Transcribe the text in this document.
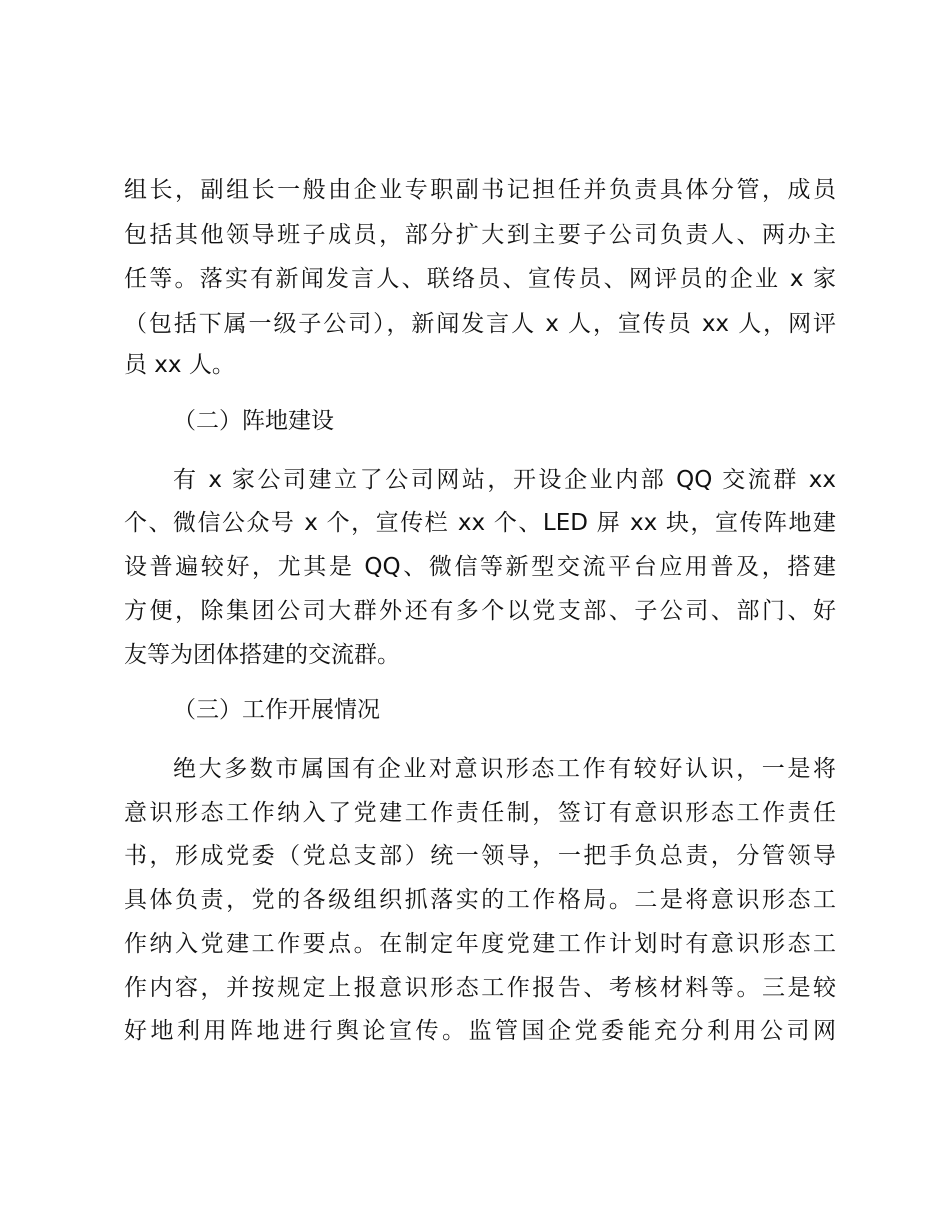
组长，副组长一般由企业专职副书记担任并负责具体分管，成员
包括其他领导班子成员，部分扩大到主要子公司负责人、两办主
任等。落实有新闻发言人、联络员、宣传员、网评员的企业 x 家
（包括下属一级子公司），新闻发言人 x 人，宣传员 xx 人，网评
员 xx 人。
（二）阵地建设
有 x 家公司建立了公司网站，开设企业内部 QQ 交流群 xx
个、微信公众号 x 个，宣传栏 xx 个、LED 屏 xx 块，宣传阵地建
设普遍较好，尤其是 QQ、微信等新型交流平台应用普及，搭建
方便，除集团公司大群外还有多个以党支部、子公司、部门、好
友等为团体搭建的交流群。
（三）工作开展情况
绝大多数市属国有企业对意识形态工作有较好认识，一是将
意识形态工作纳入了党建工作责任制，签订有意识形态工作责任
书，形成党委（党总支部）统一领导，一把手负总责，分管领导
具体负责，党的各级组织抓落实的工作格局。二是将意识形态工
作纳入党建工作要点。在制定年度党建工作计划时有意识形态工
作内容，并按规定上报意识形态工作报告、考核材料等。三是较
好地利用阵地进行舆论宣传。监管国企党委能充分利用公司网
